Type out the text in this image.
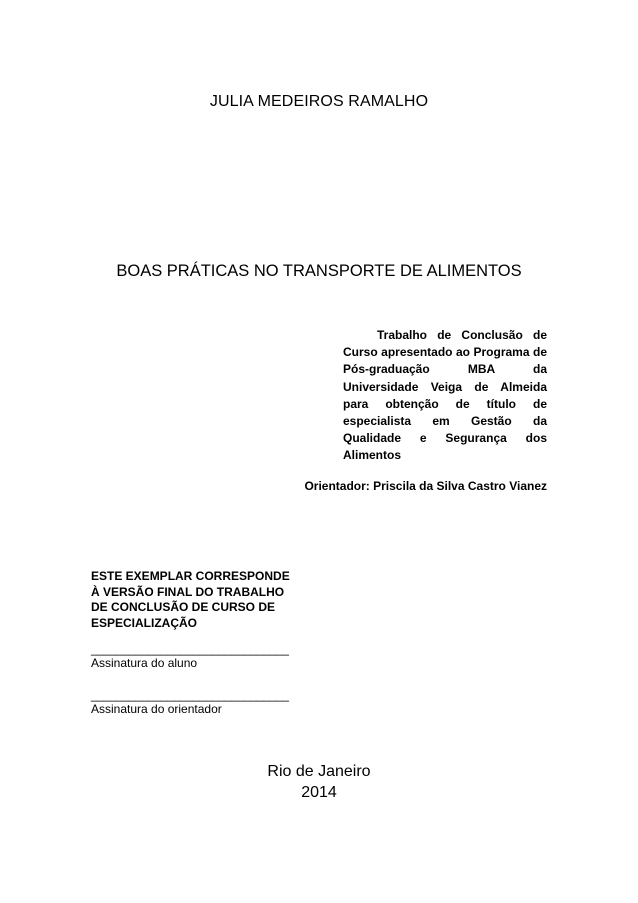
JULIA MEDEIROS RAMALHO
BOAS PRÁTICAS NO TRANSPORTE DE ALIMENTOS
Trabalho de Conclusão de Curso apresentado ao Programa de Pós-graduação MBA da Universidade Veiga de Almeida para obtenção de título de especialista em Gestão da Qualidade e Segurança dos Alimentos
Orientador: Priscila da Silva Castro Vianez
ESTE EXEMPLAR CORRESPONDE
À VERSÃO FINAL DO TRABALHO
DE CONCLUSÃO DE CURSO DE
ESPECIALIZAÇÃO
_______________________________
Assinatura do aluno
_______________________________
Assinatura do orientador
Rio de Janeiro
2014
